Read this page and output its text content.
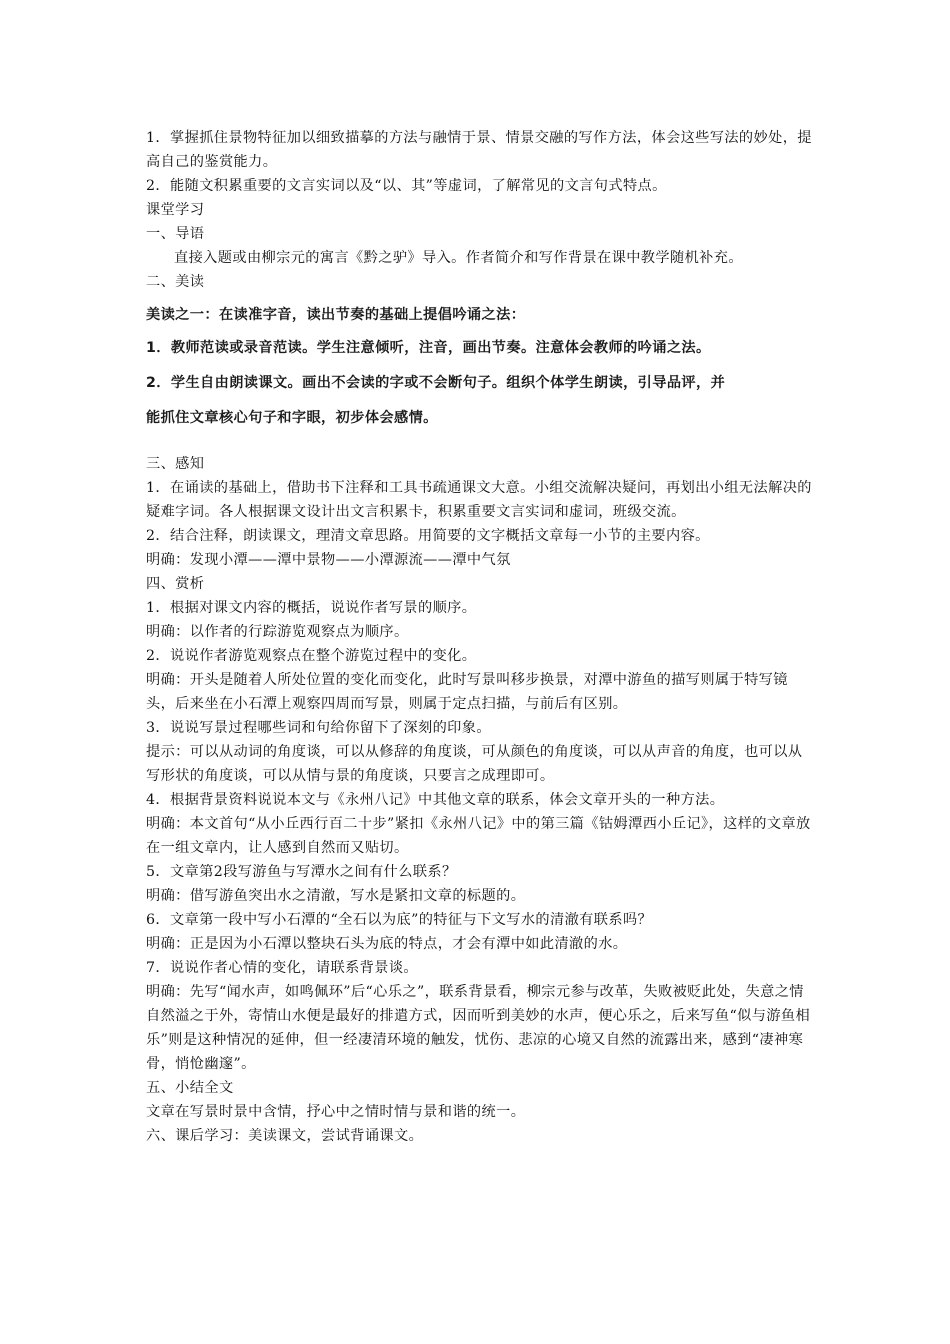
1．掌握抓住景物特征加以细致描摹的方法与融情于景、情景交融的写作方法，体会这些写法的妙处，提高自己的鉴赏能力。

2．能随文积累重要的文言实词以及“以、其”等虚词，了解常见的文言句式特点。

课堂学习

一、导语

直接入题或由柳宗元的寓言《黔之驴》导入。作者简介和写作背景在课中教学随机补充。

二、美读

美读之一：在读准字音，读出节奏的基础上提倡吟诵之法：

1．教师范读或录音范读。学生注意倾听，注音，画出节奏。注意体会教师的吟诵之法。

2．学生自由朗读课文。画出不会读的字或不会断句子。组织个体学生朗读，引导品评，并

能抓住文章核心句子和字眼，初步体会感情。

三、感知

1．在诵读的基础上，借助书下注释和工具书疏通课文大意。小组交流解决疑问，再划出小组无法解决的疑难字词。各人根据课文设计出文言积累卡，积累重要文言实词和虚词，班级交流。

2．结合注释，朗读课文，理清文章思路。用简要的文字概括文章每一小节的主要内容。

明确：发现小潭——潭中景物——小潭源流——潭中气氛

四、赏析

1．根据对课文内容的概括，说说作者写景的顺序。

明确：以作者的行踪游览观察点为顺序。

2．说说作者游览观察点在整个游览过程中的变化。

明确：开头是随着人所处位置的变化而变化，此时写景叫移步换景，对潭中游鱼的描写则属于特写镜头，后来坐在小石潭上观察四周而写景，则属于定点扫描，与前后有区别。

3．说说写景过程哪些词和句给你留下了深刻的印象。

提示：可以从动词的角度谈，可以从修辞的角度谈，可从颜色的角度谈，可以从声音的角度，也可以从写形状的角度谈，可以从情与景的角度谈，只要言之成理即可。

4．根据背景资料说说本文与《永州八记》中其他文章的联系，体会文章开头的一种方法。

明确：本文首句“从小丘西行百二十步”紧扣《永州八记》中的第三篇《钴姆潭西小丘记》，这样的文章放在一组文章内，让人感到自然而又贴切。

5．文章第2段写游鱼与写潭水之间有什么联系？

明确：借写游鱼突出水之清澈，写水是紧扣文章的标题的。

6．文章第一段中写小石潭的“全石以为底”的特征与下文写水的清澈有联系吗？

明确：正是因为小石潭以整块石头为底的特点，才会有潭中如此清澈的水。

7．说说作者心情的变化，请联系背景谈。

明确：先写“闻水声，如鸣佩环”后“心乐之”，联系背景看，柳宗元参与改革，失败被贬此处，失意之情自然溢之于外，寄情山水便是最好的排遣方式，因而听到美妙的水声，便心乐之，后来写鱼“似与游鱼相乐”则是这种情况的延伸，但一经凄清环境的触发，忧伤、悲凉的心境又自然的流露出来，感到“凄神寒骨，悄怆幽邃”。

五、小结全文

文章在写景时景中含情，抒心中之情时情与景和谐的统一。

六、课后学习：美读课文，尝试背诵课文。
